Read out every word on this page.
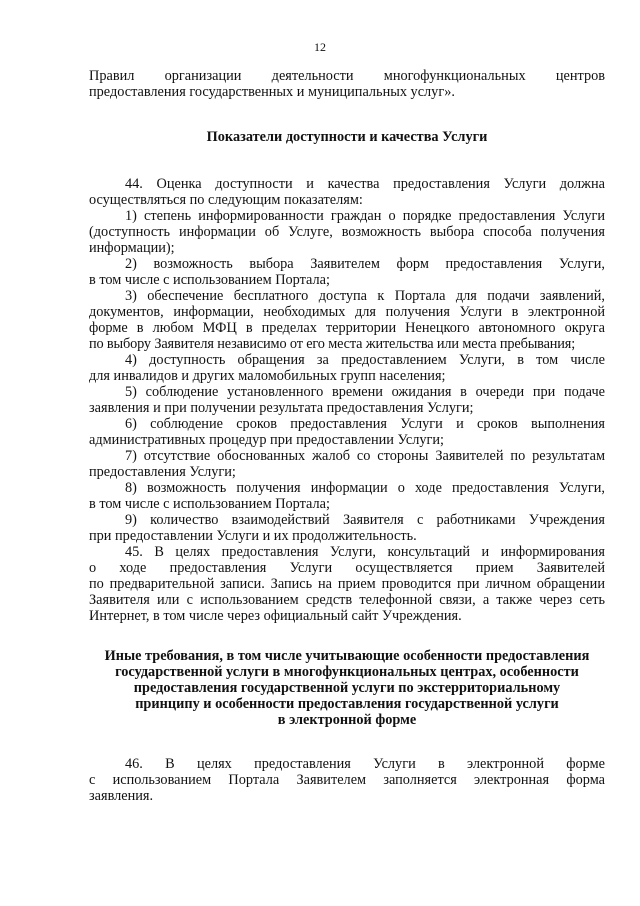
12
Правил организации деятельности многофункциональных центров
предоставления государственных и муниципальных услуг».
Показатели доступности и качества Услуги
44. Оценка доступности и качества предоставления Услуги должна
осуществляться по следующим показателям:
1) степень информированности граждан о порядке предоставления Услуги
(доступность информации об Услуге, возможность выбора способа получения
информации);
2) возможность выбора Заявителем форм предоставления Услуги,
в том числе с использованием Портала;
3) обеспечение бесплатного доступа к Портала для подачи заявлений,
документов, информации, необходимых для получения Услуги в электронной
форме в любом МФЦ в пределах территории Ненецкого автономного округа
по выбору Заявителя независимо от его места жительства или места пребывания;
4) доступность обращения за предоставлением Услуги, в том числе
для инвалидов и других маломобильных групп населения;
5) соблюдение установленного времени ожидания в очереди при подаче
заявления и при получении результата предоставления Услуги;
6) соблюдение сроков предоставления Услуги и сроков выполнения
административных процедур при предоставлении Услуги;
7) отсутствие обоснованных жалоб со стороны Заявителей по результатам
предоставления Услуги;
8) возможность получения информации о ходе предоставления Услуги,
в том числе с использованием Портала;
9) количество взаимодействий Заявителя с работниками Учреждения
при предоставлении Услуги и их продолжительность.
45. В целях предоставления Услуги, консультаций и информирования
о ходе предоставления Услуги осуществляется прием Заявителей
по предварительной записи. Запись на прием проводится при личном обращении
Заявителя или с использованием средств телефонной связи, а также через сеть
Интернет, в том числе через официальный сайт Учреждения.
Иные требования, в том числе учитывающие особенности предоставления
государственной услуги в многофункциональных центрах, особенности
предоставления государственной услуги по экстерриториальному
принципу и особенности предоставления государственной услуги
в электронной форме
46. В целях предоставления Услуги в электронной форме
с использованием Портала Заявителем заполняется электронная форма
заявления.
